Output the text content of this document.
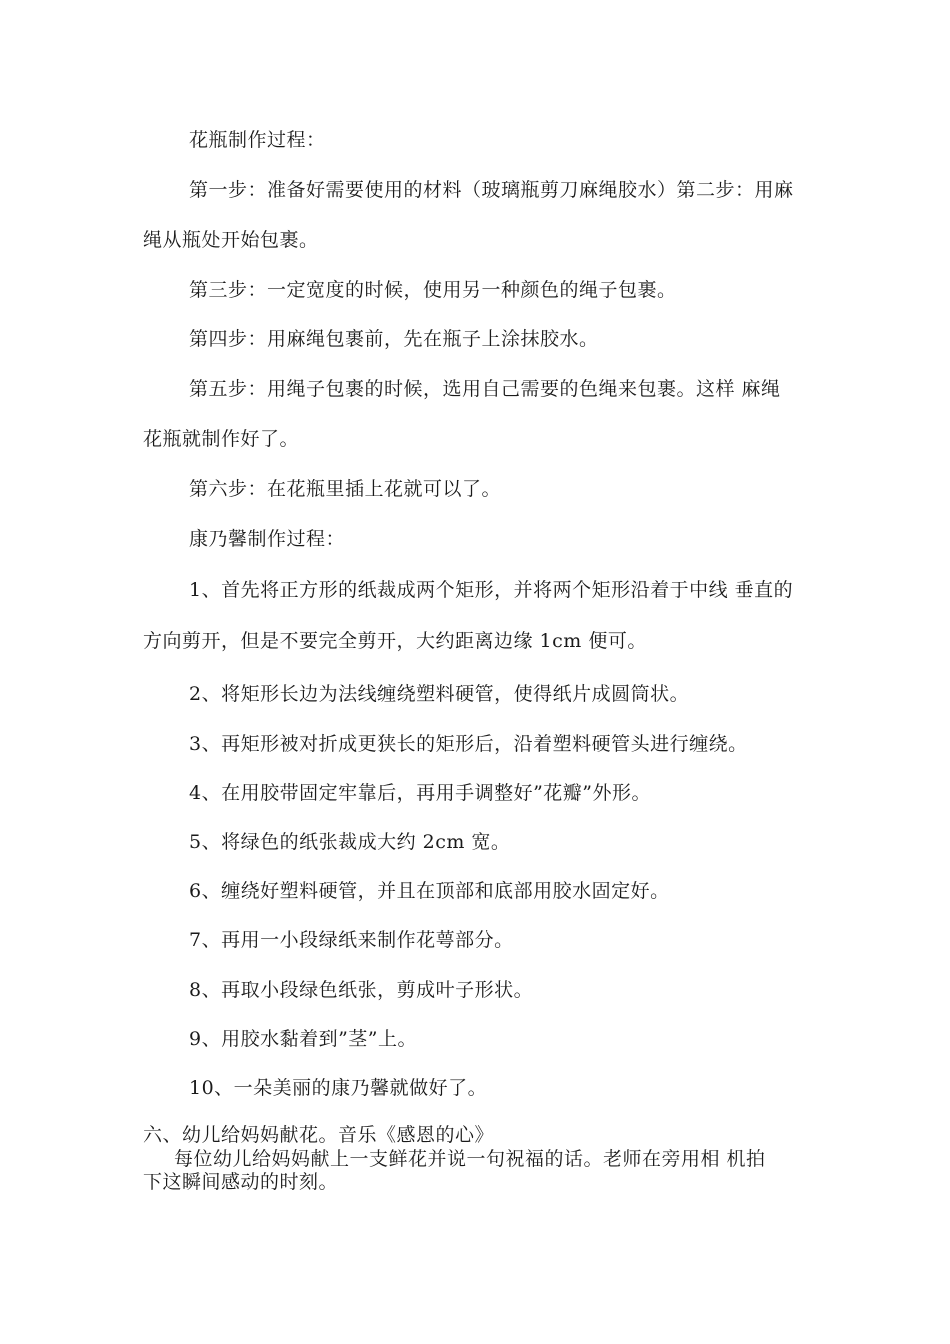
花瓶制作过程：
第一步：准备好需要使用的材料（玻璃瓶剪刀麻绳胶水）第二步：用麻
绳从瓶处开始包裹。
第三步：一定宽度的时候，使用另一种颜色的绳子包裹。
第四步：用麻绳包裹前，先在瓶子上涂抹胶水。
第五步：用绳子包裹的时候，选用自己需要的色绳来包裹。这样 麻绳
花瓶就制作好了。
第六步：在花瓶里插上花就可以了。
康乃馨制作过程：
1、首先将正方形的纸裁成两个矩形，并将两个矩形沿着于中线 垂直的
方向剪开，但是不要完全剪开，大约距离边缘 1cm 便可。
2、将矩形长边为法线缠绕塑料硬管，使得纸片成圆筒状。
3、再矩形被对折成更狭长的矩形后，沿着塑料硬管头进行缠绕。
4、在用胶带固定牢靠后，再用手调整好”花瓣”外形。
5、将绿色的纸张裁成大约 2cm 宽。
6、缠绕好塑料硬管，并且在顶部和底部用胶水固定好。
7、再用一小段绿纸来制作花萼部分。
8、再取小段绿色纸张，剪成叶子形状。
9、用胶水黏着到”茎”上。
10、一朵美丽的康乃馨就做好了。
六、幼儿给妈妈献花。音乐《感恩的心》
每位幼儿给妈妈献上一支鲜花并说一句祝福的话。老师在旁用相 机拍
下这瞬间感动的时刻。
